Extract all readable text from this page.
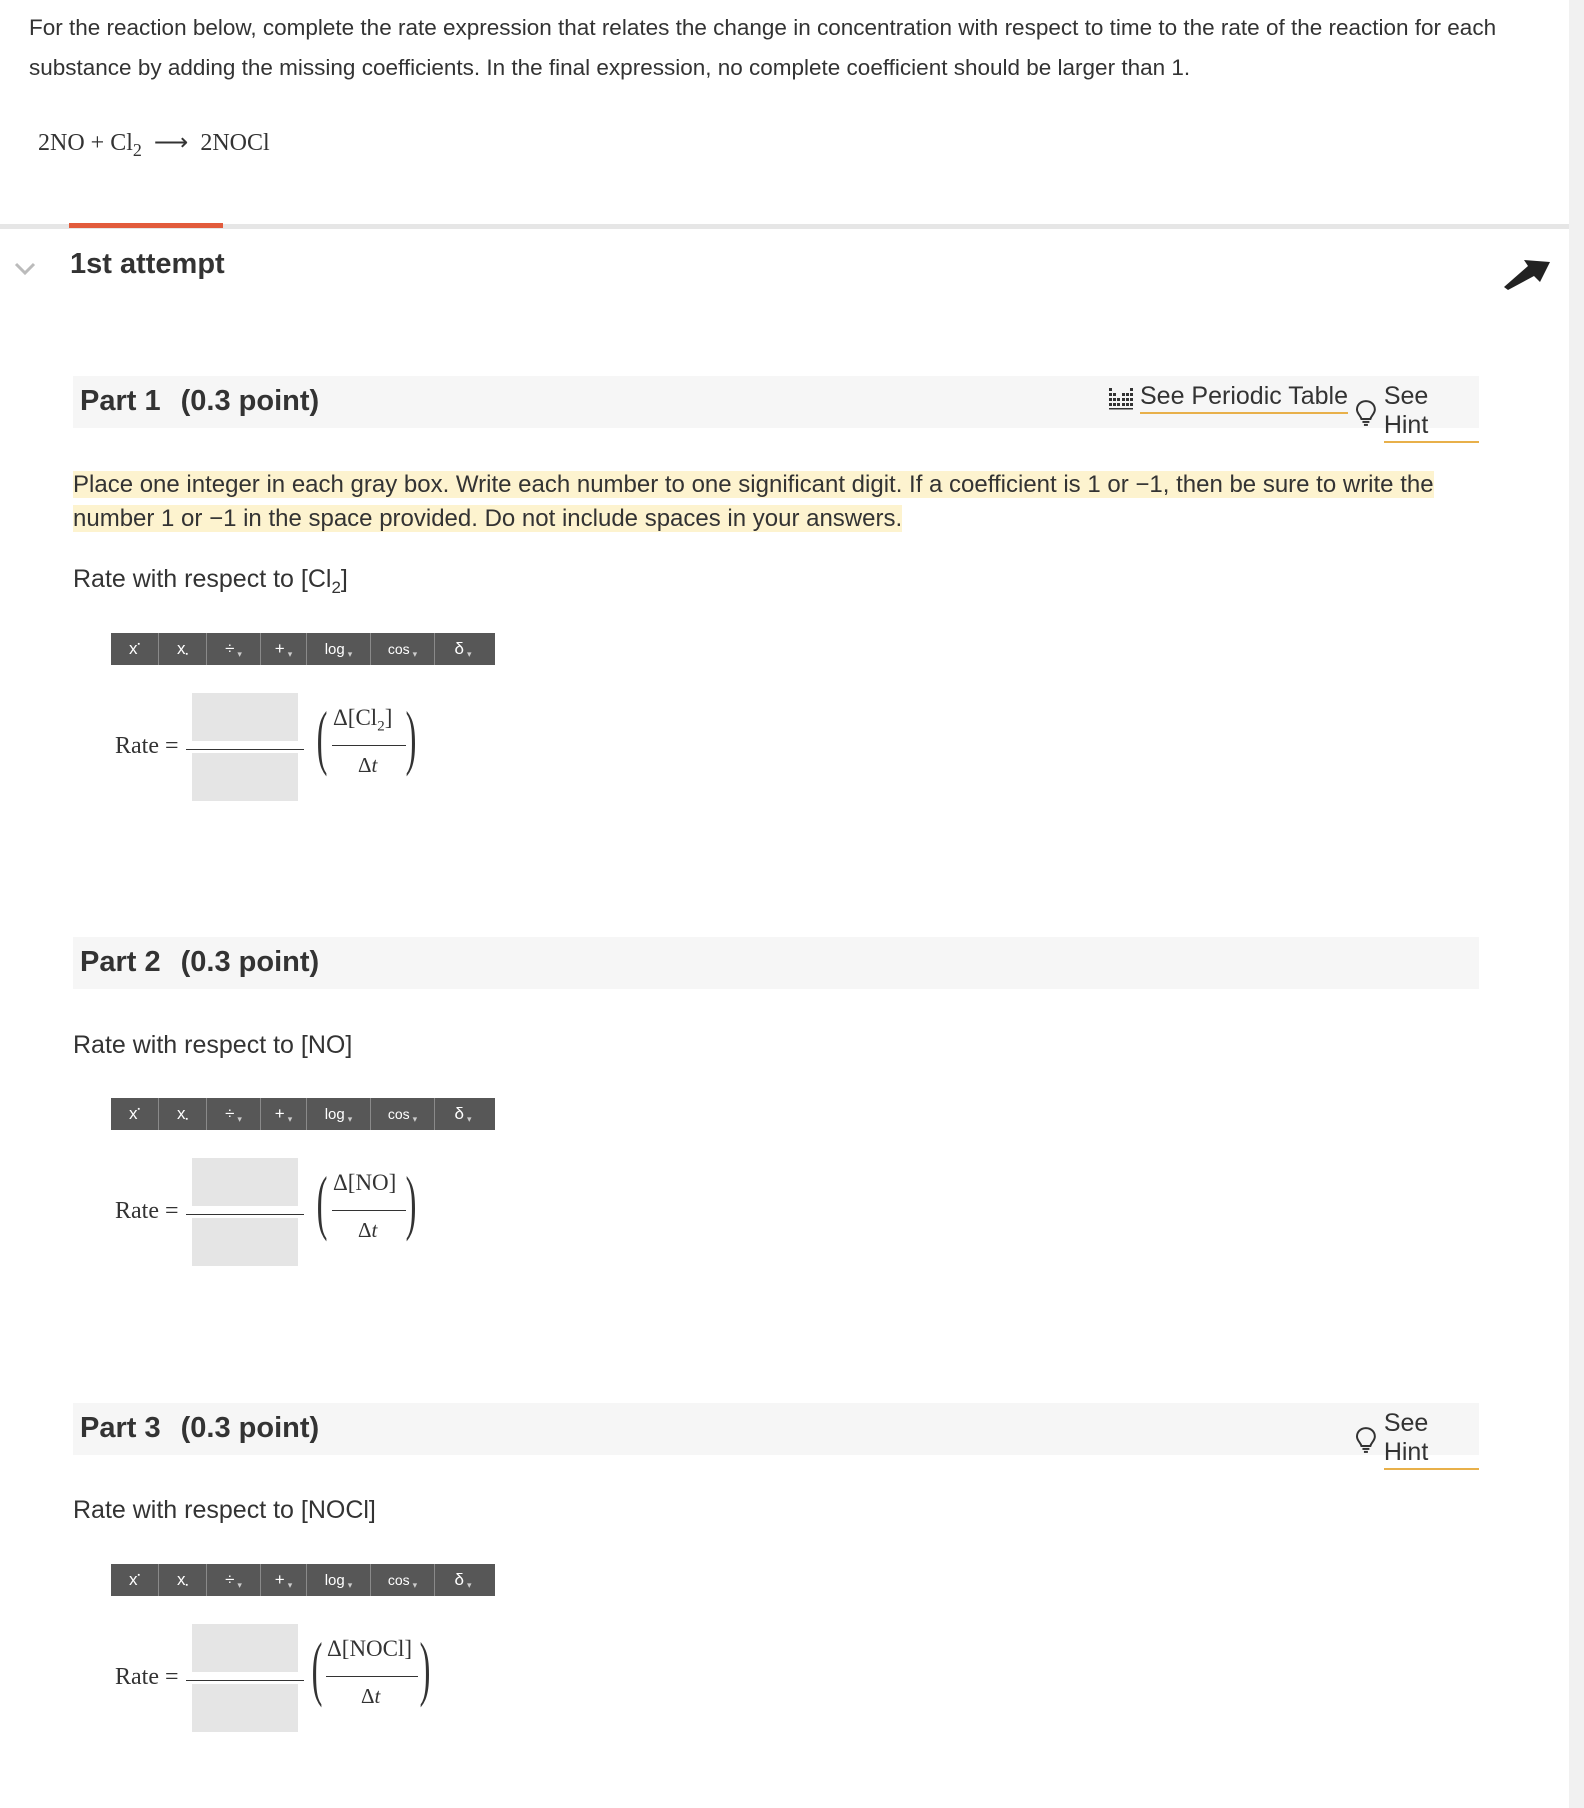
For the reaction below, complete the rate expression that relates the change in concentration with respect to time to the rate of the reaction for each substance by adding the missing coefficients. In the final expression, no complete coefficient should be larger than 1.
$2NO + Cl_2$ ⟶ 2NOCl
1st attempt
Part 1 (0.3 point)	See Periodic Table See Hint
Place one integer in each gray box. Write each number to one significant digit. If a coefficient is 1 or −1, then be sure to write the number 1 or −1 in the space provided. Do not include spaces in your answers.
Rate with respect to $[Cl_2]$
x ▪ x ▪ ÷ ▾ + ▾ log ▾	cos ▾ δ ▾
Rate = ( $\Delta[Cl_2]$
Δt )
Part 2 (0.3 point)
Rate with respect to [NO]
x ▪ x ▪ ÷ ▾ + ▾ log ▾	cos ▾ δ ▾
Rate = ( Δ[NO]
Δt )
Part 3 (0.3 point)	See Hint
Rate with respect to [NOCl]
x ▪ x ▪ ÷ ▾ + ▾ log ▾	cos ▾ δ ▾
Rate = ( Δ[NOCl]
Δt )
